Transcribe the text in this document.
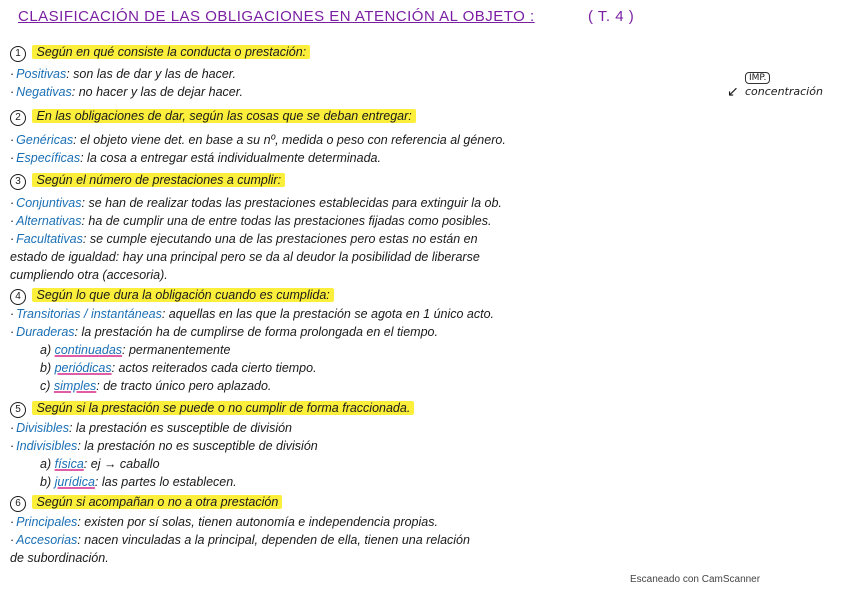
CLASIFICACIÓN DE LAS OBLIGACIONES EN ATENCIÓN AL OBJETO :	( T. 4 )
↙
IMP.
concentración
1 Según en qué consiste la conducta o prestación:
· Positivas: son las de dar y las de hacer.
· Negativas: no hacer y las de dejar hacer.
2 En las obligaciones de dar, según las cosas que se deban entregar:
· Genéricas: el objeto viene det. en base a su nº, medida o peso con referencia al género.
· Específicas: la cosa a entregar está individualmente determinada.
3 Según el número de prestaciones a cumplir:
· Conjuntivas: se han de realizar todas las prestaciones establecidas para extinguir la ob.
· Alternativas: ha de cumplir una de entre todas las prestaciones fijadas como posibles.
· Facultativas: se cumple ejecutando una de las prestaciones pero estas no están en
estado de igualdad: hay una principal pero se da al deudor la posibilidad de liberarse
cumpliendo otra (accesoria).
4 Según lo que dura la obligación cuando es cumplida:
· Transitorias / instantáneas: aquellas en las que la prestación se agota en 1 único acto.
· Duraderas: la prestación ha de cumplirse de forma prolongada en el tiempo.
a) continuadas: permanentemente
b) periódicas: actos reiterados cada cierto tiempo.
c) simples: de tracto único pero aplazado.
5 Según si la prestación se puede o no cumplir de forma fraccionada.
· Divisibles: la prestación es susceptible de división
· Indivisibles: la prestación no es susceptible de división
a) física: ej → caballo
b) jurídica: las partes lo establecen.
6 Según si acompañan o no a otra prestación
· Principales: existen por sí solas, tienen autonomía e independencia propias.
· Accesorias: nacen vinculadas a la principal, dependen de ella, tienen una relación
de subordinación.
Escaneado con CamScanner
